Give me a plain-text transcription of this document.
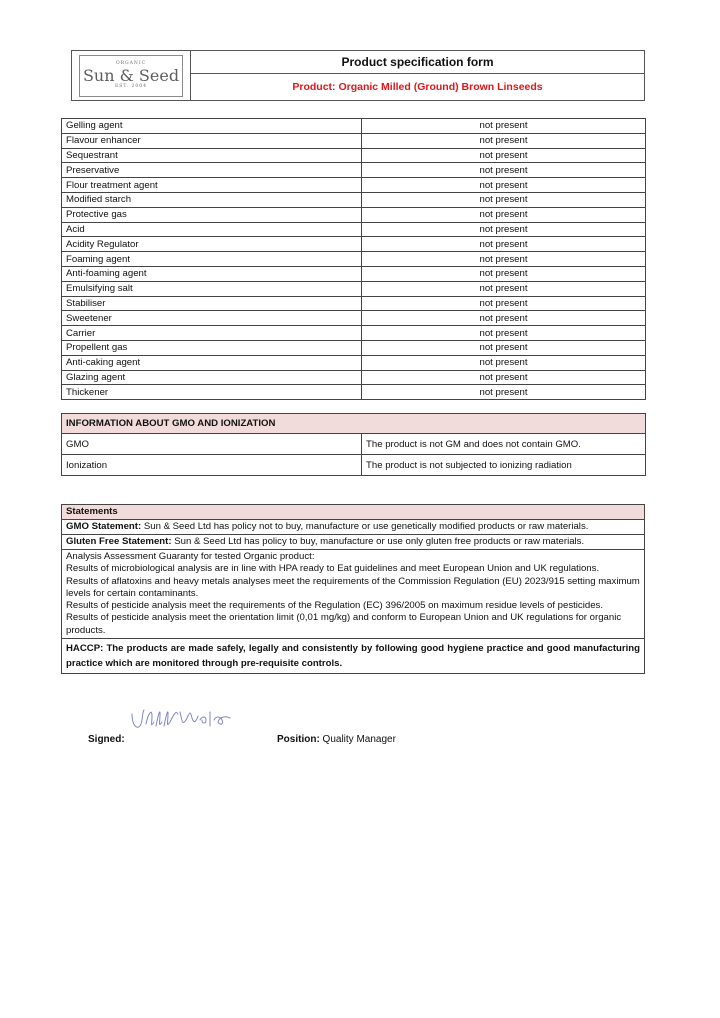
ORGANIC
Sun & Seed
EST. 2004
Product specification form
Product: Organic Milled (Ground) Brown Linseeds
Gelling agent	not present
Flavour enhancer	not present
Sequestrant	not present
Preservative	not present
Flour treatment agent	not present
Modified starch	not present
Protective gas	not present
Acid	not present
Acidity Regulator	not present
Foaming agent	not present
Anti-foaming agent	not present
Emulsifying salt	not present
Stabiliser	not present
Sweetener	not present
Carrier	not present
Propellent gas	not present
Anti-caking agent	not present
Glazing agent	not present
Thickener	not present
INFORMATION ABOUT GMO AND IONIZATION	
GMO	The product is not GM and does not contain GMO.
Ionization	The product is not subjected to ionizing radiation
Statements
GMO Statement: Sun & Seed Ltd has policy not to buy, manufacture or use genetically modified products or raw materials.
Gluten Free Statement: Sun & Seed Ltd has policy to buy, manufacture or use only gluten free products or raw materials.

Analysis Assessment Guaranty for tested Organic product:

Results of microbiological analysis are in line with HPA ready to Eat guidelines and meet European Union and UK regulations.

Results of aflatoxins and heavy metals analyses meet the requirements of the Commission Regulation (EU) 2023/915 setting maximum levels for certain contaminants.

Results of pesticide analysis meet the requirements of the Regulation (EC) 396/2005 on maximum residue levels of pesticides.

Results of pesticide analysis meet the orientation limit (0,01 mg/kg) and conform to European Union and UK regulations for organic products.

HACCP: The products are made safely, legally and consistently by following good hygiene practice and good manufacturing practice which are monitored through pre-requisite controls.
Signed:	Position: Quality Manager
